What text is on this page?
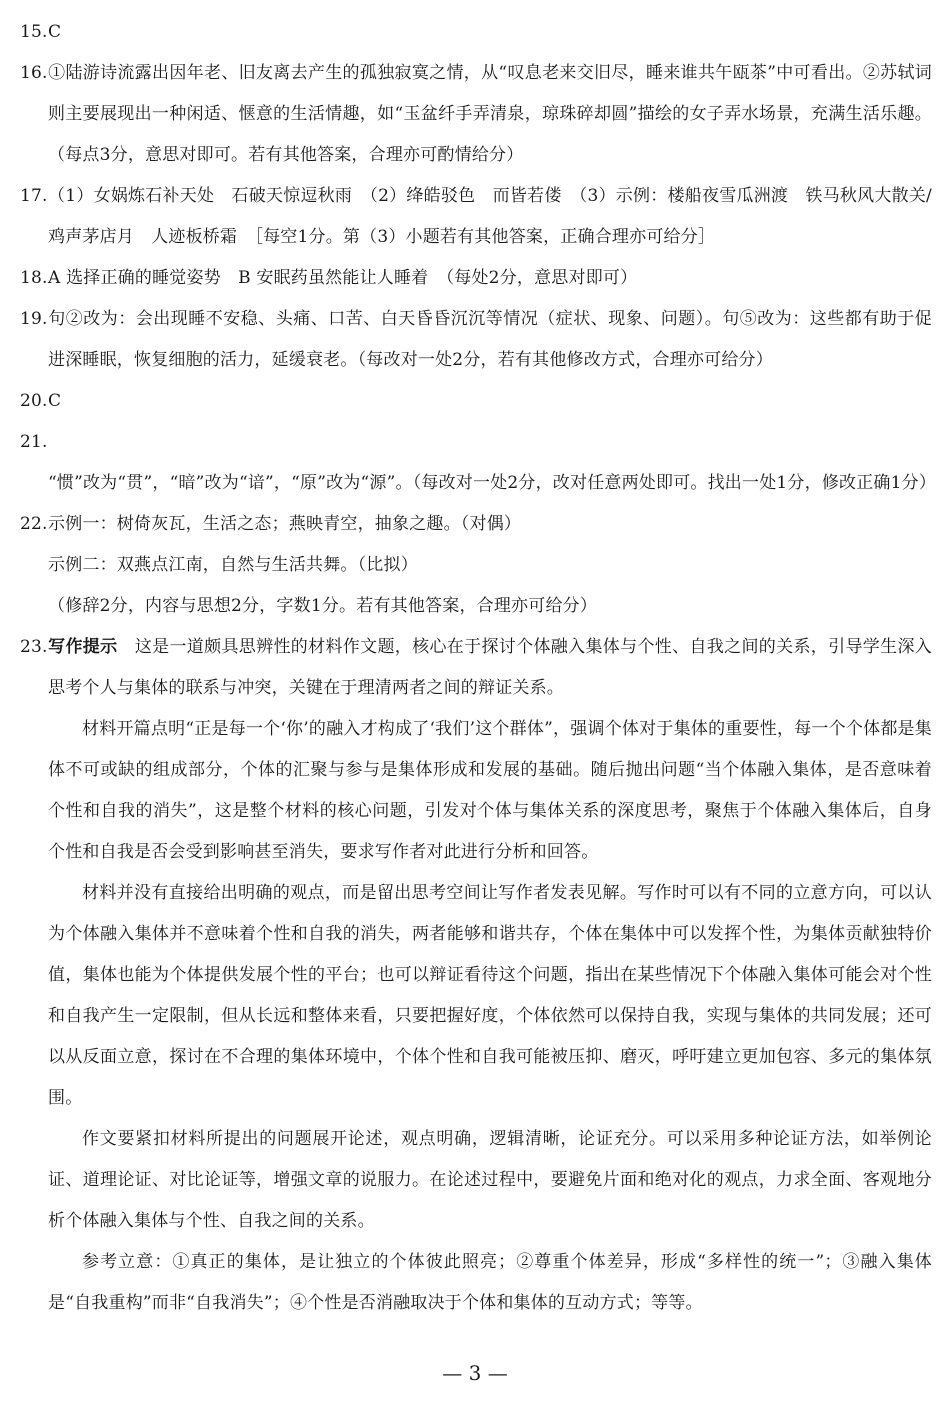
15.C

16.①陆游诗流露出因年老、旧友离去产生的孤独寂寞之情，从“叹息老来交旧尽，睡来谁共午瓯茶”中可看出。②苏轼词则主要展现出一种闲适、惬意的生活情趣，如“玉盆纤手弄清泉，琼珠碎却圆”描绘的女子弄水场景，充满生活乐趣。（每点3分，意思对即可。若有其他答案，合理亦可酌情给分）

17.（1）女娲炼石补天处　石破天惊逗秋雨　（2）绛皓驳色　而皆若偻　（3）示例：楼船夜雪瓜洲渡　铁马秋风大散关/鸡声茅店月　人迹板桥霜　［每空1分。第（3）小题若有其他答案，正确合理亦可给分］

18.A 选择正确的睡觉姿势　B 安眠药虽然能让人睡着　（每处2分，意思对即可）

19.句②改为：会出现睡不安稳、头痛、口苦、白天昏昏沉沉等情况（症状、现象、问题）。句⑤改为：这些都有助于促进深睡眠，恢复细胞的活力，延缓衰老。（每改对一处2分，若有其他修改方式，合理亦可给分）

20.C

21.“惯”改为“贯”，“暗”改为“谙”，“原”改为“源”。（每改对一处2分，改对任意两处即可。找出一处1分，修改正确1分）

22.示例一：树倚灰瓦，生活之态；燕映青空，抽象之趣。（对偶）

示例二：双燕点江南，自然与生活共舞。（比拟）

（修辞2分，内容与思想2分，字数1分。若有其他答案，合理亦可给分）

23.写作提示　 这是一道颇具思辨性的材料作文题，核心在于探讨个体融入集体与个性、自我之间的关系，引导学生深入思考个人与集体的联系与冲突，关键在于理清两者之间的辩证关系。

材料开篇点明“正是每一个‘你’的融入才构成了‘我们’这个群体”，强调个体对于集体的重要性，每一个个体都是集体不可或缺的组成部分，个体的汇聚与参与是集体形成和发展的基础。随后抛出问题“当个体融入集体，是否意味着个性和自我的消失”，这是整个材料的核心问题，引发对个体与集体关系的深度思考，聚焦于个体融入集体后，自身个性和自我是否会受到影响甚至消失，要求写作者对此进行分析和回答。

材料并没有直接给出明确的观点，而是留出思考空间让写作者发表见解。写作时可以有不同的立意方向，可以认为个体融入集体并不意味着个性和自我的消失，两者能够和谐共存，个体在集体中可以发挥个性，为集体贡献独特价值，集体也能为个体提供发展个性的平台；也可以辩证看待这个问题，指出在某些情况下个体融入集体可能会对个性和自我产生一定限制，但从长远和整体来看，只要把握好度，个体依然可以保持自我，实现与集体的共同发展；还可以从反面立意，探讨在不合理的集体环境中，个体个性和自我可能被压抑、磨灭，呼吁建立更加包容、多元的集体氛围。

作文要紧扣材料所提出的问题展开论述，观点明确，逻辑清晰，论证充分。可以采用多种论证方法，如举例论证、道理论证、对比论证等，增强文章的说服力。在论述过程中，要避免片面和绝对化的观点，力求全面、客观地分析个体融入集体与个性、自我之间的关系。

参考立意：①真正的集体，是让独立的个体彼此照亮；②尊重个体差异，形成“多样性的统一”；③融入集体是“自我重构”而非“自我消失”；④个性是否消融取决于个体和集体的互动方式；等等。

— 3 —
